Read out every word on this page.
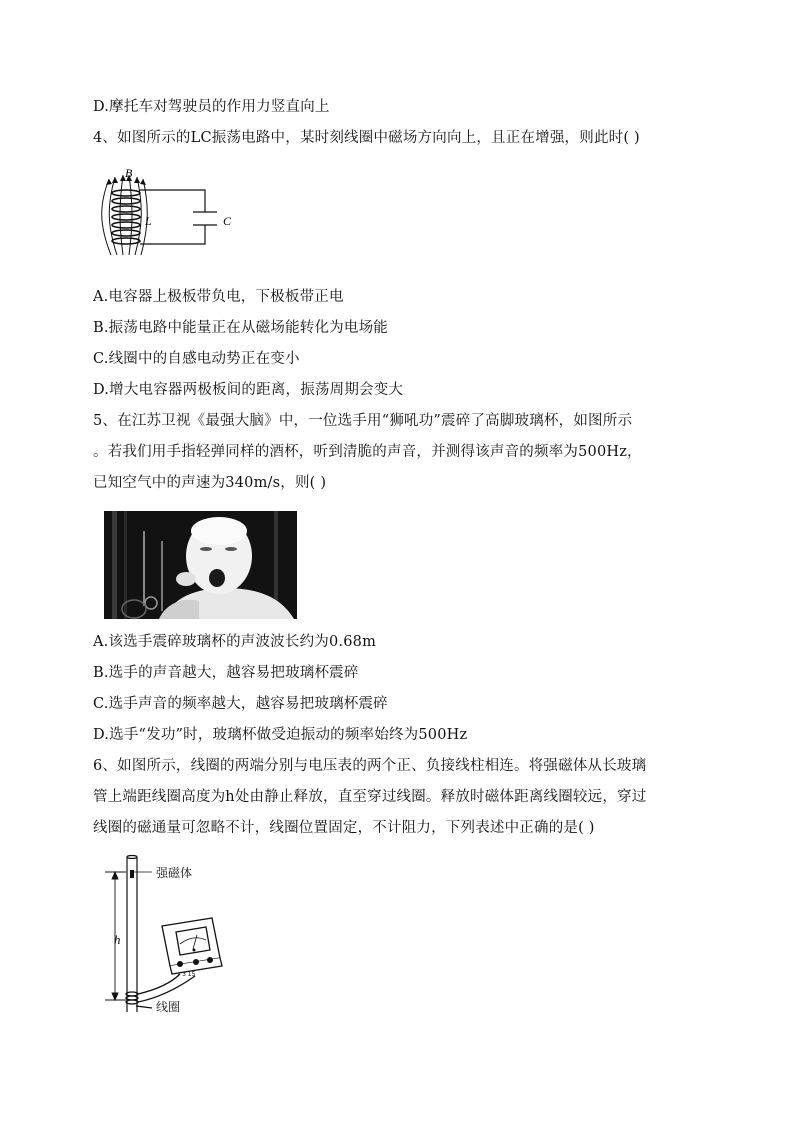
D.摩托车对驾驶员的作用力竖直向上
4、如图所示的LC振荡电路中，某时刻线圈中磁场方向向上，且正在增强，则此时( )
B
L	C
A.电容器上极板带负电，下极板带正电
B.振荡电路中能量正在从磁场能转化为电场能
C.线圈中的自感电动势正在变小
D.增大电容器两极板间的距离，振荡周期会变大
5、在江苏卫视《最强大脑》中，一位选手用“狮吼功”震碎了高脚玻璃杯，如图所示
。若我们用手指轻弹同样的酒杯，听到清脆的声音，并测得该声音的频率为500Hz，
已知空气中的声速为340m/s，则( )
A.该选手震碎玻璃杯的声波波长约为0.68m
B.选手的声音越大，越容易把玻璃杯震碎
C.选手声音的频率越大，越容易把玻璃杯震碎
D.选手“发功”时，玻璃杯做受迫振动的频率始终为500Hz
6、如图所示，线圈的两端分别与电压表的两个正、负接线柱相连。将强磁体从长玻璃
管上端距线圈高度为h处由静止释放，直至穿过线圈。释放时磁体距离线圈较远，穿过
线圈的磁通量可忽略不计，线圈位置固定，不计阻力，下列表述中正确的是( )
- 3 15
强磁体
h
线圈
